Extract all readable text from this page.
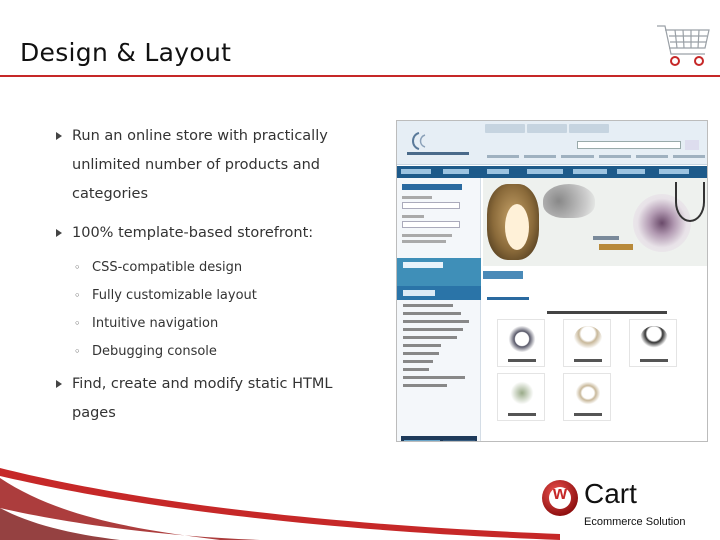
Design & Layout
Run an online store with practically
unlimited number of products and
categories
100% template-based storefront:
◦ CSS-compatible design
◦ Fully customizable layout
◦ Intuitive navigation
◦ Debugging console
Find, create and modify static HTML
pages
w Cart
Ecommerce Solution
